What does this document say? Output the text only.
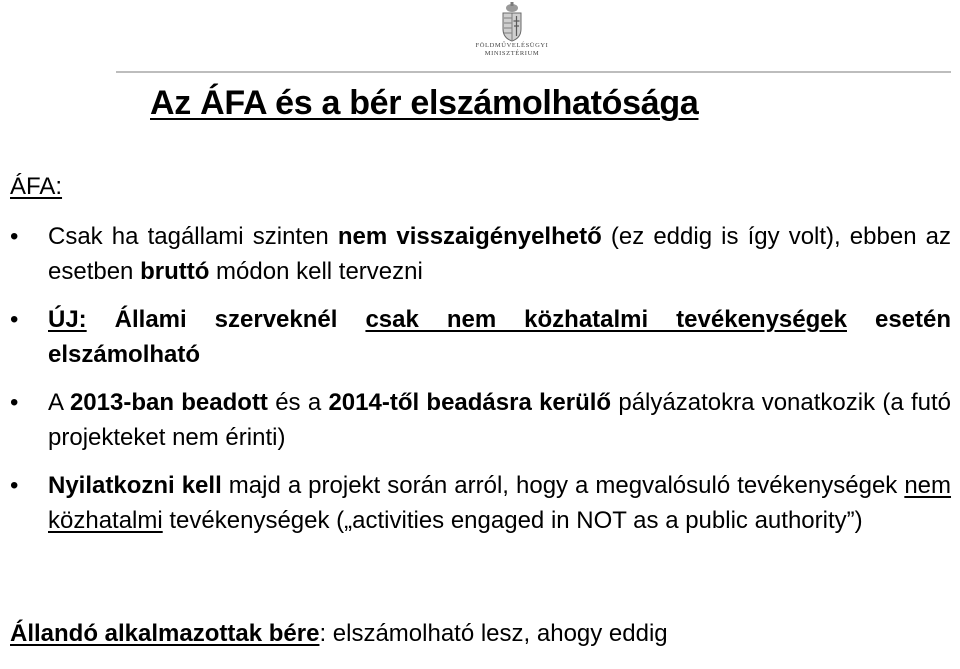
FÖLDMŰVELÉSÜGYI
MINISZTÉRIUM
Az ÁFA és a bér elszámolhatósága
ÁFA:
•	Csak ha tagállami szinten nem visszaigényelhető (ez eddig is így volt), ebben az esetben bruttó módon kell tervezni
•	ÚJ: Állami szerveknél csak nem közhatalmi tevékenységek esetén elszámolható
•	A 2013-ban beadott és a 2014-től beadásra kerülő pályázatokra vonatkozik (a futó projekteket nem érinti)
•	Nyilatkozni kell majd a projekt során arról, hogy a megvalósuló tevékenységek nem közhatalmi tevékenységek („activities engaged in NOT as a public authority”)
Állandó alkalmazottak bére: elszámolható lesz, ahogy eddig
